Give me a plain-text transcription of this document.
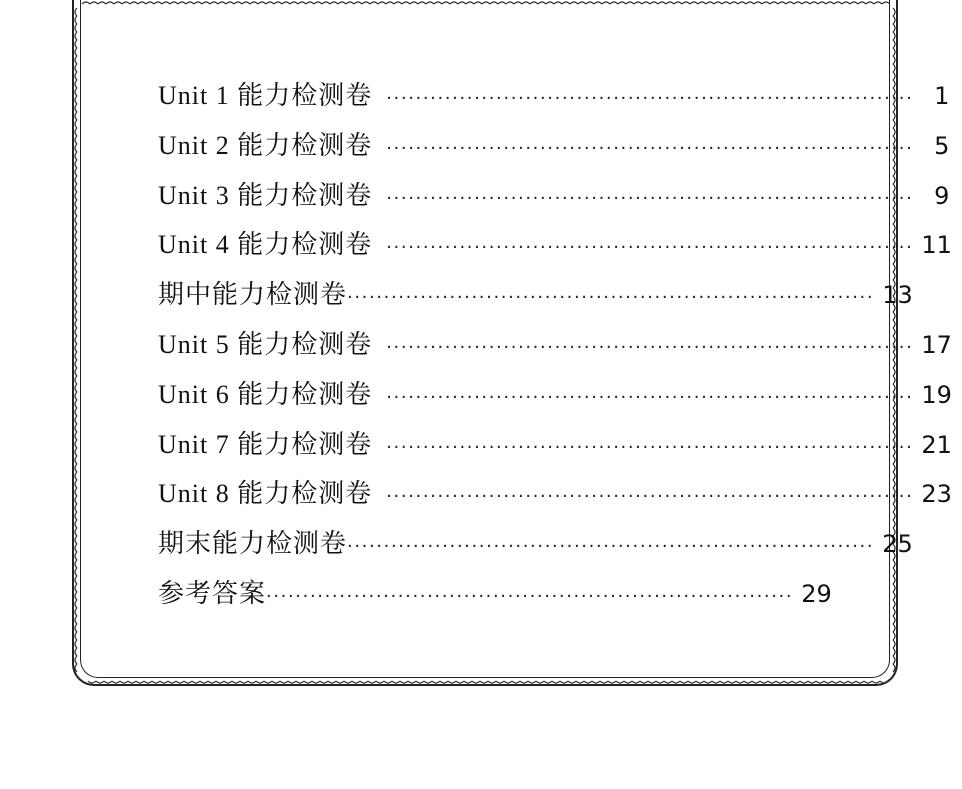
Unit 1 能力检测卷 ········································································ 1
Unit 2 能力检测卷 ········································································ 5
Unit 3 能力检测卷 ········································································ 9
Unit 4 能力检测卷 ········································································ 11
期中能力检测卷 ········································································ 13
Unit 5 能力检测卷 ········································································ 17
Unit 6 能力检测卷 ········································································ 19
Unit 7 能力检测卷 ········································································ 21
Unit 8 能力检测卷 ········································································ 23
期末能力检测卷 ········································································ 25
参考答案 ········································································ 29
